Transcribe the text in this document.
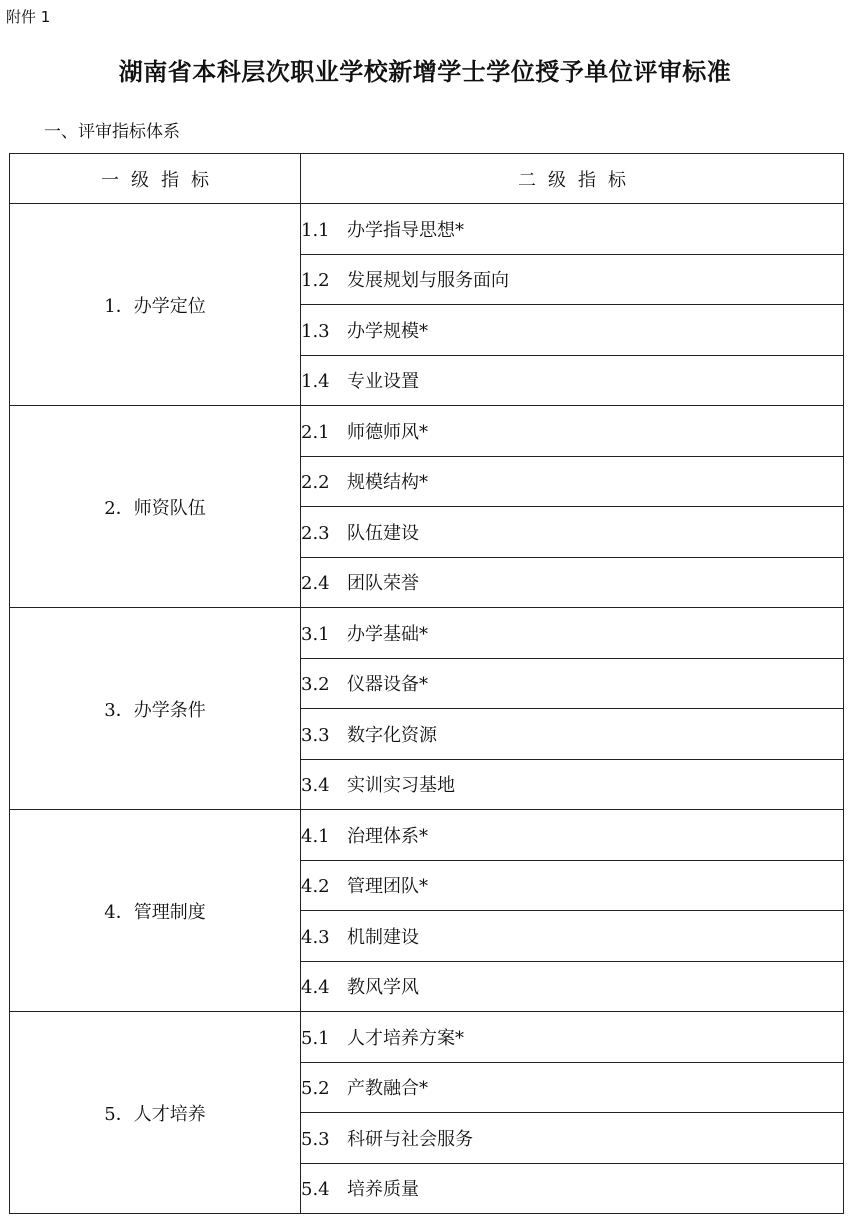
附件 1
湖南省本科层次职业学校新增学士学位授予单位评审标准
一、评审指标体系
一级指标	二级指标
1．办学定位	1.1 办学指导思想*
	1.2 发展规划与服务面向
	1.3 办学规模*
	1.4 专业设置
2．师资队伍	2.1 师德师风*
	2.2 规模结构*
	2.3 队伍建设
	2.4 团队荣誉
3．办学条件	3.1 办学基础*
	3.2 仪器设备*
	3.3 数字化资源
	3.4 实训实习基地
4．管理制度	4.1 治理体系*
	4.2 管理团队*
	4.3 机制建设
	4.4 教风学风
5．人才培养	5.1 人才培养方案*
	5.2 产教融合*
	5.3 科研与社会服务
	5.4 培养质量
